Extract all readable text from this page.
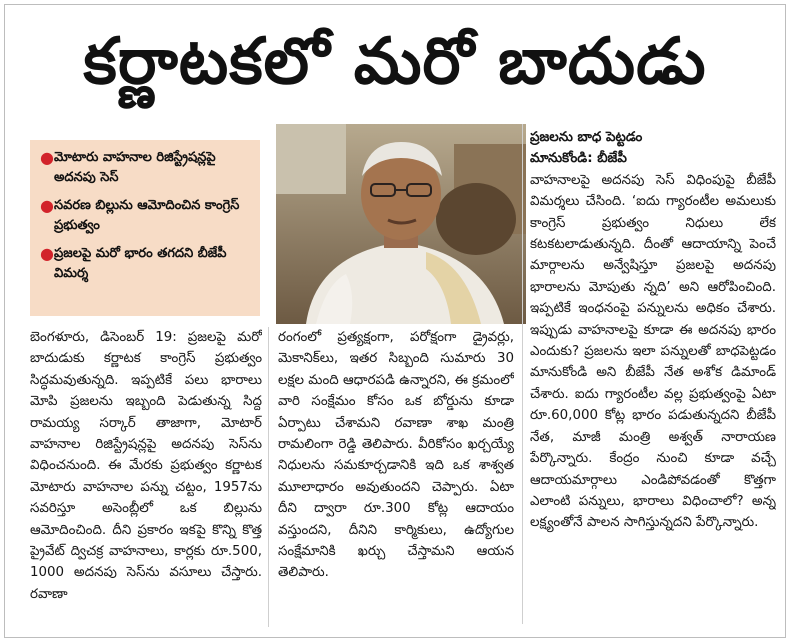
కర్ణాటకలో మరో బాదుడు
● మోటారు వాహనాల రిజిస్ట్రేషన్లపై అదనపు సెస్
● సవరణ బిల్లును ఆమోదించిన కాంగ్రెస్ ప్రభుత్వం
● ప్రజలపై మరో భారం తగదని బీజేపీ విమర్శ

బెంగళూరు, డిసెంబర్ 19: ప్రజలపై మరో బాదుడుకు కర్ణాటక కాంగ్రెస్ ప్రభుత్వం సిద్ధమవుతున్నది. ఇప్పటికే పలు భారాలు మోపి ప్రజలను ఇబ్బంది పెడుతున్న సిద్ద రామయ్య సర్కార్ తాజాగా, మోటార్ వాహనాల రిజిస్ట్రేషన్లపై అదనపు సెస్‌ను విధించనుంది. ఈ మేరకు ప్రభుత్వం కర్ణాటక మోటారు వాహనాల పన్ను చట్టం, 1957ను సవరిస్తూ అసెంబ్లీలో ఒక బిల్లును ఆమోదించింది. దీని ప్రకారం ఇకపై కొన్ని కొత్త ప్రైవేట్ ద్విచక్ర వాహనాలు, కార్లకు రూ.500, 1000 అదనపు సెస్‌ను వసూలు చేస్తారు. రవాణా

రంగంలో ప్రత్యక్షంగా, పరోక్షంగా డ్రైవర్లు, మెకానిక్‌లు, ఇతర సిబ్బంది సుమారు 30 లక్షల మంది ఆధారపడి ఉన్నారని, ఈ క్రమంలో వారి సంక్షేమం కోసం ఒక బోర్డును కూడా ఏర్పాటు చేశామని రవాణా శాఖ మంత్రి రామలింగా రెడ్డి తెలిపారు. వీరికోసం ఖర్చయ్యే నిధులను సమకూర్చడానికి ఇది ఒక శాశ్వత మూలాధారం అవుతుందని చెప్పారు. ఏటా దీని ద్వారా రూ.300 కోట్ల ఆదాయం వస్తుందని, దీనిని కార్మికులు, ఉద్యోగుల సంక్షేమానికి ఖర్చు చేస్తామని ఆయన తెలిపారు.

ప్రజలను బాధ పెట్టడం
మానుకోండి: బీజేపీ
వాహనాలపై అదనపు సెస్ విధింపుపై బీజేపీ విమర్శలు చేసింది. ‘ఐదు గ్యారంటీల అమలుకు కాంగ్రెస్ ప్రభుత్వం నిధులు లేక కటకటలాడుతున్నది. దీంతో ఆదాయాన్ని పెంచే మార్గాలను అన్వేషిస్తూ ప్రజలపై అదనపు భారాలను మోపుతు న్నది’ అని ఆరోపించింది. ఇప్పటికే ఇంధనంపై పన్నులను అధికం చేశారు. ఇప్పుడు వాహనాలపై కూడా ఈ అదనపు భారం ఎందుకు? ప్రజలను ఇలా పన్నులతో బాధపెట్టడం మానుకోండి అని బీజేపీ నేత అశోక డిమాండ్ చేశారు. ఐదు గ్యారంటీల వల్ల ప్రభుత్వంపై ఏటా రూ.60,000 కోట్ల భారం పడుతున్నదని బీజేపీ నేత, మాజీ మంత్రి అశ్వత్ నారాయణ పేర్కొన్నారు. కేంద్రం నుంచి కూడా వచ్చే ఆదాయమార్గాలు ఎండిపోవడంతో కొత్తగా ఎలాంటి పన్నులు, భారాలు విధించాలో? అన్న లక్ష్యంతోనే పాలన సాగిస్తున్నదని పేర్కొన్నారు.
